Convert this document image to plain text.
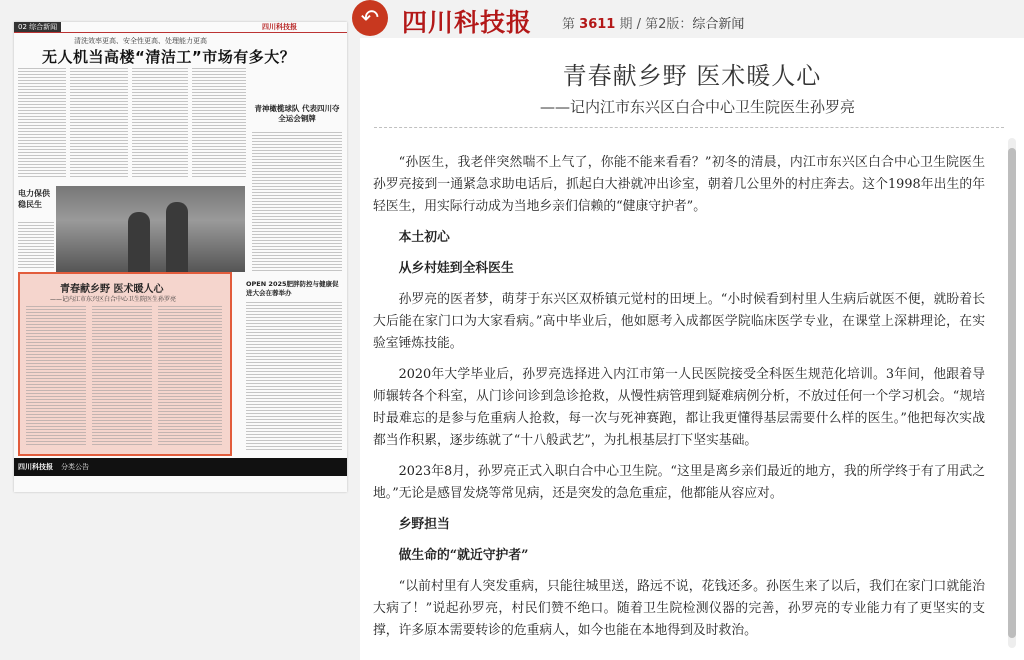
02 综合新闻	四川科技报
清洗效率更高、安全性更高、处理能力更高
无人机当高楼“清洁工”市场有多大？
电力保供 稳民生
青神橄榄球队 代表四川夺全运会铜牌
OPEN 2025肥胖防控与健康促进大会在蓉举办
青春献乡野 医术暖人心
——记内江市东兴区白合中心卫生院医生孙罗亮
四川科技报 分类公告
↶ 四川科技报 第 3611 期 / 第2版：综合新闻
青春献乡野 医术暖人心
——记内江市东兴区白合中心卫生院医生孙罗亮

“孙医生，我老伴突然喘不上气了，你能不能来看看？”初冬的清晨，内江市东兴区白合中心卫生院医生孙罗亮接到一通紧急求助电话后，抓起白大褂就冲出诊室，朝着几公里外的村庄奔去。这个1998年出生的年轻医生，用实际行动成为当地乡亲们信赖的“健康守护者”。

本土初心

从乡村娃到全科医生

孙罗亮的医者梦，萌芽于东兴区双桥镇元觉村的田埂上。“小时候看到村里人生病后就医不便，就盼着长大后能在家门口为大家看病。”高中毕业后，他如愿考入成都医学院临床医学专业，在课堂上深耕理论，在实验室锤炼技能。

2020年大学毕业后，孙罗亮选择进入内江市第一人民医院接受全科医生规范化培训。3年间，他跟着导师辗转各个科室，从门诊问诊到急诊抢救，从慢性病管理到疑难病例分析，不放过任何一个学习机会。“规培时最难忘的是参与危重病人抢救，每一次与死神赛跑，都让我更懂得基层需要什么样的医生。”他把每次实战都当作积累，逐步练就了“十八般武艺”，为扎根基层打下坚实基础。

2023年8月，孙罗亮正式入职白合中心卫生院。“这里是离乡亲们最近的地方，我的所学终于有了用武之地。”无论是感冒发烧等常见病，还是突发的急危重症，他都能从容应对。

乡野担当

做生命的“就近守护者”

“以前村里有人突发重病，只能往城里送，路远不说，花钱还多。孙医生来了以后，我们在家门口就能治大病了！”说起孙罗亮，村民们赞不绝口。随着卫生院检测仪器的完善，孙罗亮的专业能力有了更坚实的支撑，许多原本需要转诊的危重病人，如今也能在本地得到及时救治。
